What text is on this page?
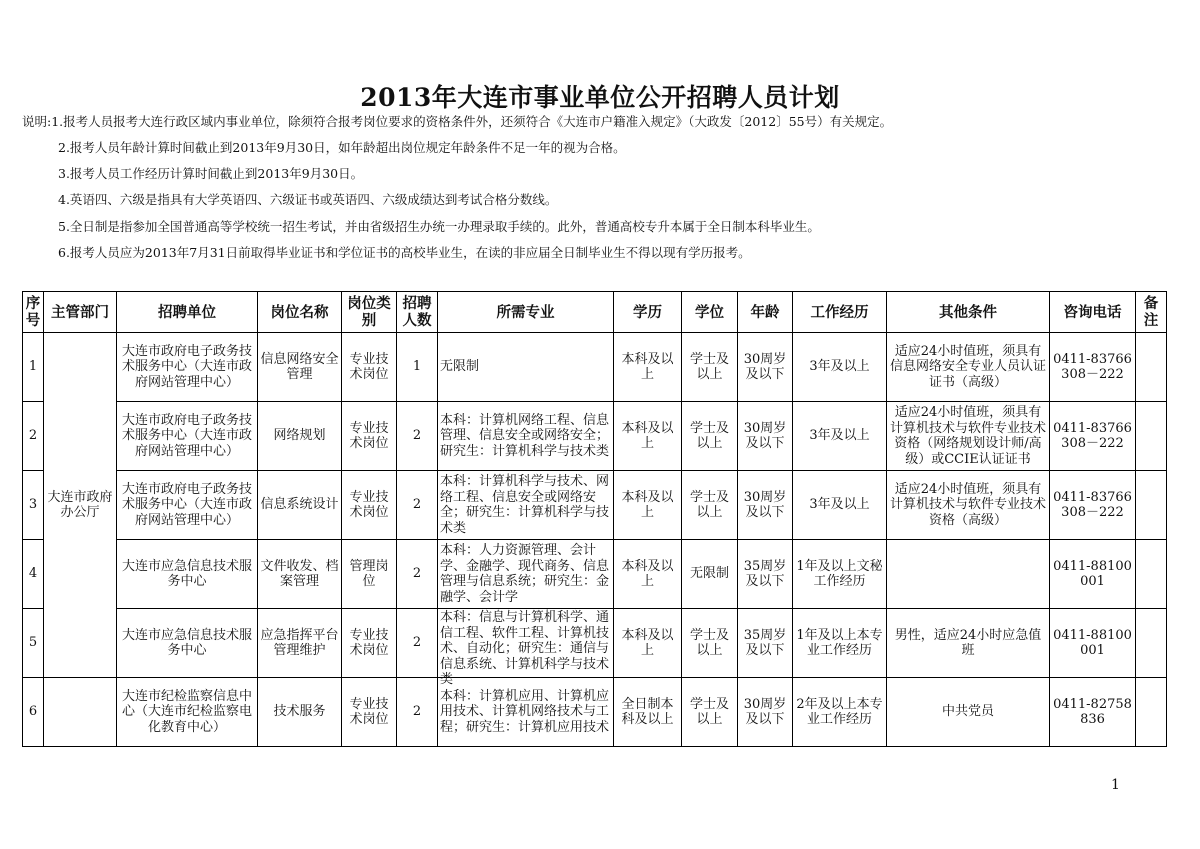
2013年大连市事业单位公开招聘人员计划
说明:1.报考人员报考大连行政区域内事业单位，除须符合报考岗位要求的资格条件外，还须符合《大连市户籍准入规定》（大政发〔2012〕55号）有关规定。
2.报考人员年龄计算时间截止到2013年9月30日，如年龄超出岗位规定年龄条件不足一年的视为合格。
3.报考人员工作经历计算时间截止到2013年9月30日。
4.英语四、六级是指具有大学英语四、六级证书或英语四、六级成绩达到考试合格分数线。
5.全日制是指参加全国普通高等学校统一招生考试，并由省级招生办统一办理录取手续的。此外，普通高校专升本属于全日制本科毕业生。
6.报考人员应为2013年7月31日前取得毕业证书和学位证书的高校毕业生，在读的非应届全日制毕业生不得以现有学历报考。
序号	主管部门	招聘单位	岗位名称	岗位类别	招聘人数	所需专业	学历	学位	年龄	工作经历	其他条件	咨询电话	备注
1	大连市政府办公厅	大连市政府电子政务技术服务中心（大连市政府网站管理中心）	信息网络安全管理	专业技术岗位	1	无限制	本科及以上	学士及以上	30周岁及以下	3年及以上	适应24小时值班，须具有信息网络安全专业人员认证证书（高级）	0411-83766308－222	
2		大连市政府电子政务技术服务中心（大连市政府网站管理中心）	网络规划	专业技术岗位	2	本科：计算机网络工程、信息管理、信息安全或网络安全；研究生：计算机科学与技术类	本科及以上	学士及以上	30周岁及以下	3年及以上	适应24小时值班，须具有计算机技术与软件专业技术资格（网络规划设计师/高级）或CCIE认证证书	0411-83766308－222	
3		大连市政府电子政务技术服务中心（大连市政府网站管理中心）	信息系统设计	专业技术岗位	2	本科：计算机科学与技术、网络工程、信息安全或网络安全；研究生：计算机科学与技术类	本科及以上	学士及以上	30周岁及以下	3年及以上	适应24小时值班，须具有计算机技术与软件专业技术资格（高级）	0411-83766308－222	
4		大连市应急信息技术服务中心	文件收发、档案管理	管理岗位	2	本科：人力资源管理、会计学、金融学、现代商务、信息管理与信息系统；研究生：金融学、会计学	本科及以上	无限制	35周岁及以下	1年及以上文秘工作经历		0411-88100001	
5		大连市应急信息技术服务中心	应急指挥平台管理维护	专业技术岗位	2	本科：信息与计算机科学、通信工程、软件工程、计算机技术、自动化；研究生：通信与信息系统、计算机科学与技术类	本科及以上	学士及以上	35周岁及以下	1年及以上本专业工作经历	男性，适应24小时应急值班	0411-88100001	
6		大连市纪检监察信息中心（大连市纪检监察电化教育中心）	技术服务	专业技术岗位	2	本科：计算机应用、计算机应用技术、计算机网络技术与工程；研究生：计算机应用技术	全日制本科及以上	学士及以上	30周岁及以下	2年及以上本专业工作经历	中共党员	0411-82758836	
1
